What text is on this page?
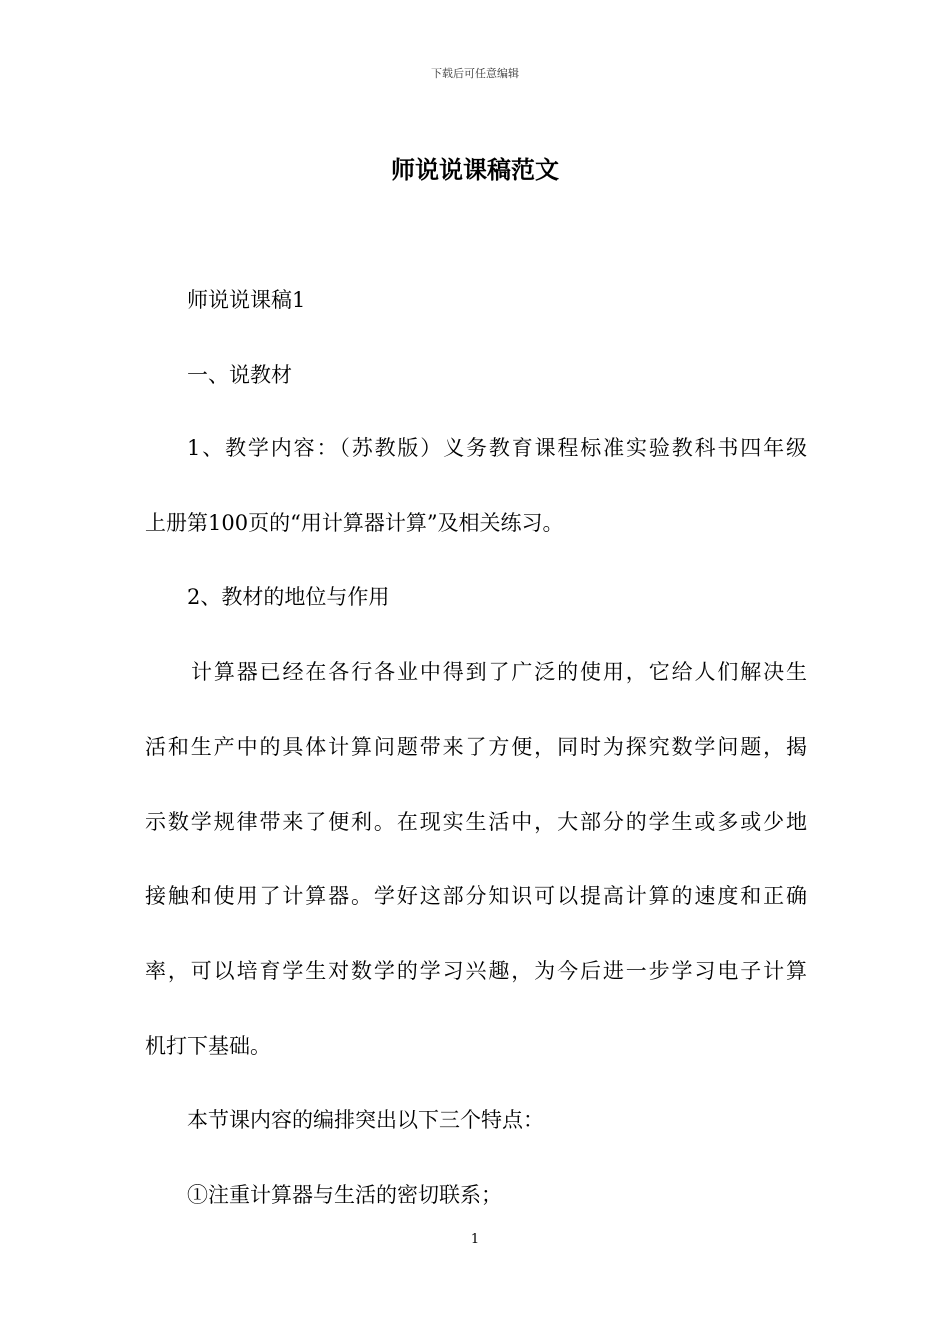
下载后可任意编辑
师说说课稿范文
师说说课稿1
一、说教材
1、教学内容：（苏教版）义务教育课程标准实验教科书四年级
上册第100页的“用计算器计算”及相关练习。
2、教材的地位与作用
计算器已经在各行各业中得到了广泛的使用，它给人们解决生
活和生产中的具体计算问题带来了方便，同时为探究数学问题，揭
示数学规律带来了便利。在现实生活中，大部分的学生或多或少地
接触和使用了计算器。学好这部分知识可以提高计算的速度和正确
率，可以培育学生对数学的学习兴趣，为今后进一步学习电子计算
机打下基础。
本节课内容的编排突出以下三个特点：
①注重计算器与生活的密切联系；
1
